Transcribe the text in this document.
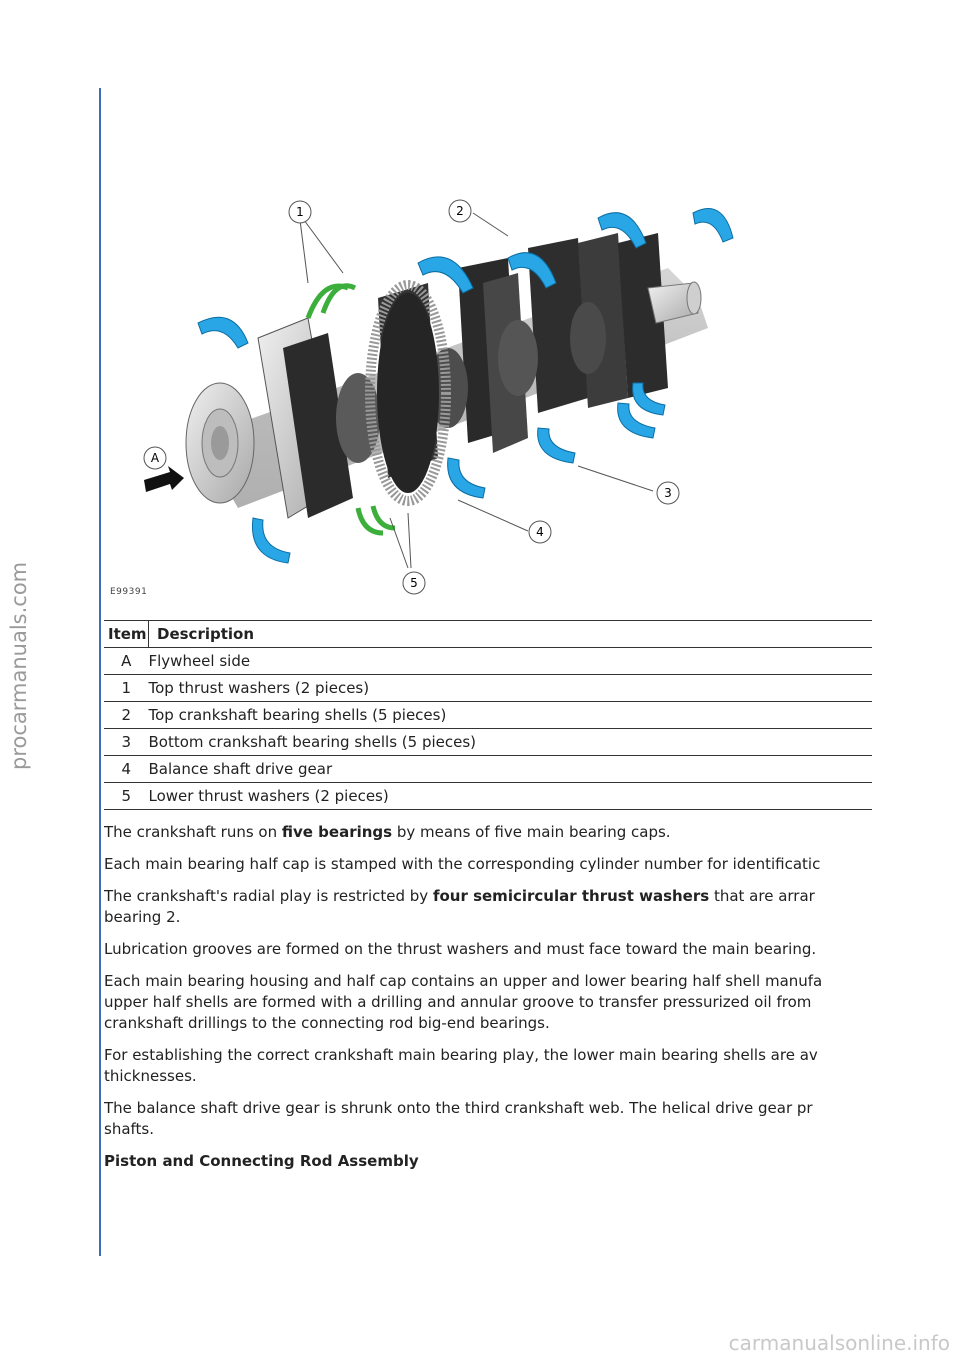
procarmanuals.com
1	2
3
4
5
A
E99391
Item	Description
A	Flywheel side
1	Top thrust washers (2 pieces)
2	Top crankshaft bearing shells (5 pieces)
3	Bottom crankshaft bearing shells (5 pieces)
4	Balance shaft drive gear
5	Lower thrust washers (2 pieces)

The crankshaft runs on five bearings by means of five main bearing caps.

Each main bearing half cap is stamped with the corresponding cylinder number for identificatic

The crankshaft's radial play is restricted by four semicircular thrust washers that are arrar
bearing 2.

Lubrication grooves are formed on the thrust washers and must face toward the main bearing.

Each main bearing housing and half cap contains an upper and lower bearing half shell manufa
upper half shells are formed with a drilling and annular groove to transfer pressurized oil from
crankshaft drillings to the connecting rod big-end bearings.

For establishing the correct crankshaft main bearing play, the lower main bearing shells are av
thicknesses.

The balance shaft drive gear is shrunk onto the third crankshaft web. The helical drive gear pr
shafts.

Piston and Connecting Rod Assembly

carmanualsonline.info
